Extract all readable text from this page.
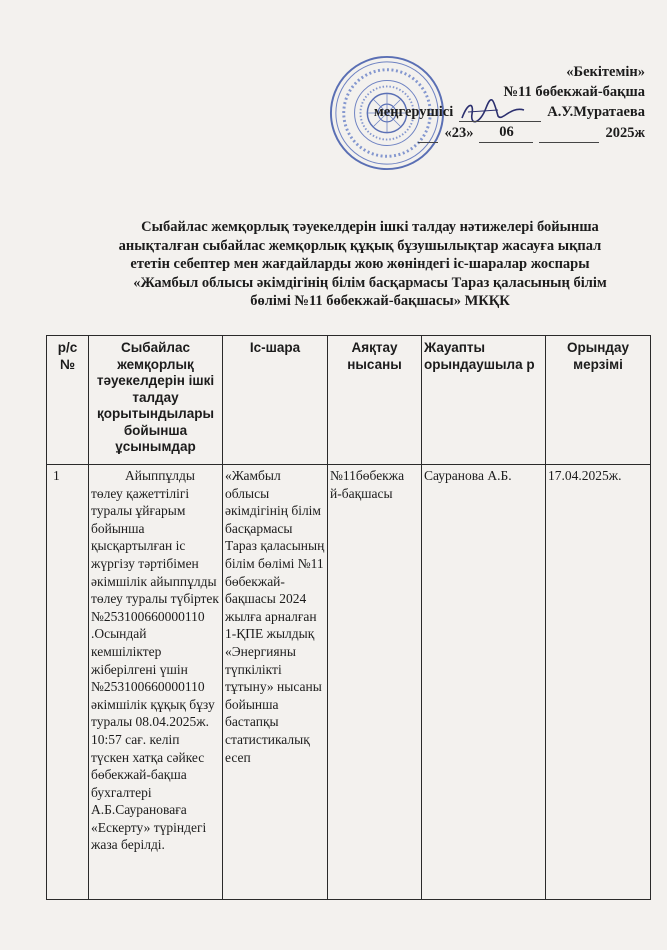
«Бекітемін»
№11 бөбекжай-бақша
меңгерушісі	А.У.Муратаева
«23»	06	2025ж
Сыбайлас жемқорлық тәуекелдерін ішкі талдау нәтижелері бойынша
анықталған сыбайлас жемқорлық құқық бұзушылықтар жасауға ықпал
ететін себептер мен жағдайларды жою жөніндегі іс-шаралар жоспары
«Жамбыл облысы әкімдігінің білім басқармасы Тараз қаласының білім
бөлімі №11 бөбекжай-бақшасы» МКҚК
р/с №	Сыбайлас жемқорлық тәуекелдерін ішкі талдау қорытындылары бойынша ұсынымдар	Іс-шара	Аяқтау нысаны	Жауапты орындаушыла р	Орындау мерзімі
1	Айыппұлды төлеу қажеттілігі туралы ұйғарым бойынша қысқартылған іс жүргізу тәртібімен әкімшілік айыппұлды төлеу туралы түбіртек №253100660000110 .Осындай кемшіліктер жіберілгені үшін №253100660000110 әкімшілік құқық бұзу туралы 08.04.2025ж. 10:57 сағ. келіп түскен хатқа сәйкес бөбекжай-бақша бухгалтері А.Б.Саурановаға «Ескерту» түріндегі жаза берілді.	«Жамбыл облысы әкімдігінің білім басқармасы Тараз қаласының білім бөлімі №11 бөбекжай-бақшасы 2024 жылға арналған 1-ҚПЕ жылдық «Энергияны түпкілікті тұтыну» нысаны бойынша бастапқы статистикалық есеп	№11бөбекжа й-бақшасы	Сауранова А.Б.	17.04.2025ж.
